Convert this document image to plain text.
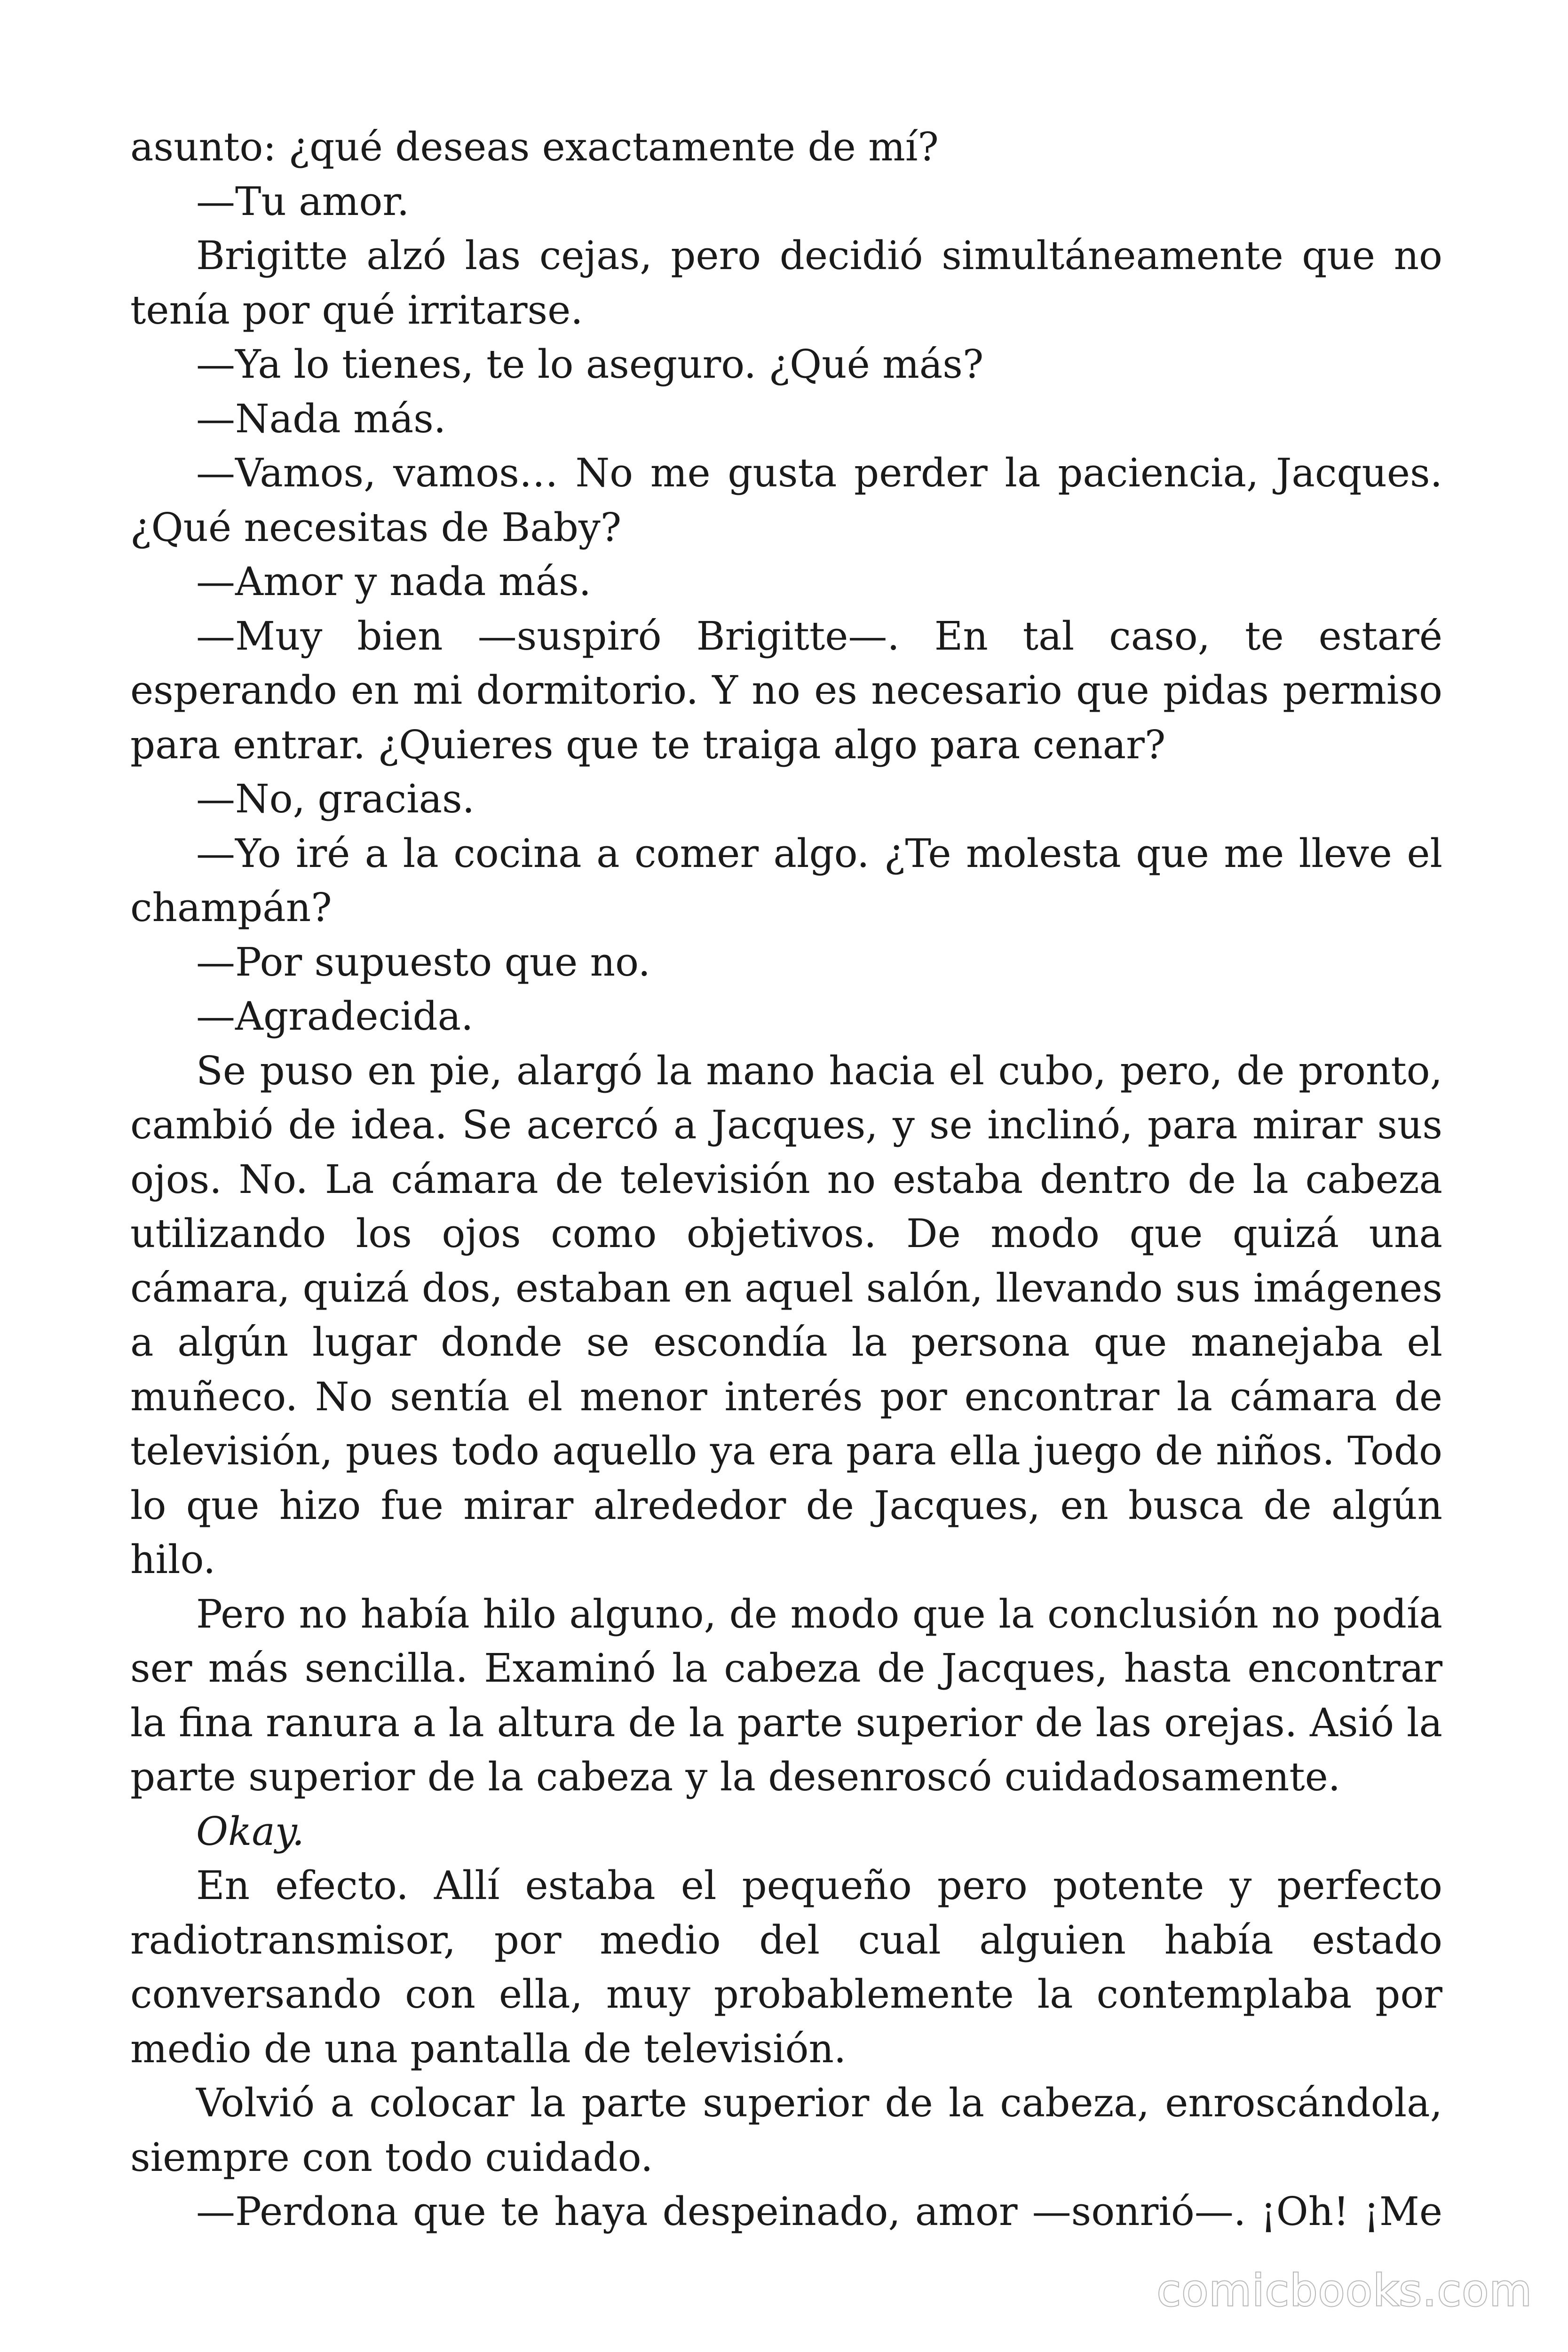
asunto: ¿qué deseas exactamente de mí?

—Tu amor.

Brigitte alzó las cejas, pero decidió simultáneamente que no tenía por qué irritarse.

—Ya lo tienes, te lo aseguro. ¿Qué más?

—Nada más.

—Vamos, vamos… No me gusta perder la paciencia, Jacques. ¿Qué necesitas de Baby?

—Amor y nada más.

—Muy bien —suspiró Brigitte—. En tal caso, te estaré esperando en mi dormitorio. Y no es necesario que pidas permiso para entrar. ¿Quieres que te traiga algo para cenar?

—No, gracias.

—Yo iré a la cocina a comer algo. ¿Te molesta que me lleve el champán?

—Por supuesto que no.

—Agradecida.

Se puso en pie, alargó la mano hacia el cubo, pero, de pronto, cambió de idea. Se acercó a Jacques, y se inclinó, para mirar sus ojos. No. La cámara de televisión no estaba dentro de la cabeza utilizando los ojos como objetivos. De modo que quizá una cámara, quizá dos, estaban en aquel salón, llevando sus imágenes a algún lugar donde se escondía la persona que manejaba el muñeco. No sentía el menor interés por encontrar la cámara de televisión, pues todo aquello ya era para ella juego de niños. Todo lo que hizo fue mirar alrededor de Jacques, en busca de algún hilo.

Pero no había hilo alguno, de modo que la conclusión no podía ser más sencilla. Examinó la cabeza de Jacques, hasta encontrar la fina ranura a la altura de la parte superior de las orejas. Asió la parte superior de la cabeza y la desenroscó cuidadosamente.

Okay.

En efecto. Allí estaba el pequeño pero potente y perfecto radiotransmisor, por medio del cual alguien había estado conversando con ella, muy probablemente la contemplaba por medio de una pantalla de televisión.

Volvió a colocar la parte superior de la cabeza, enroscándola, siempre con todo cuidado.

—Perdona que te haya despeinado, amor —sonrió—. ¡Oh! ¡Me

comicbooks.com
